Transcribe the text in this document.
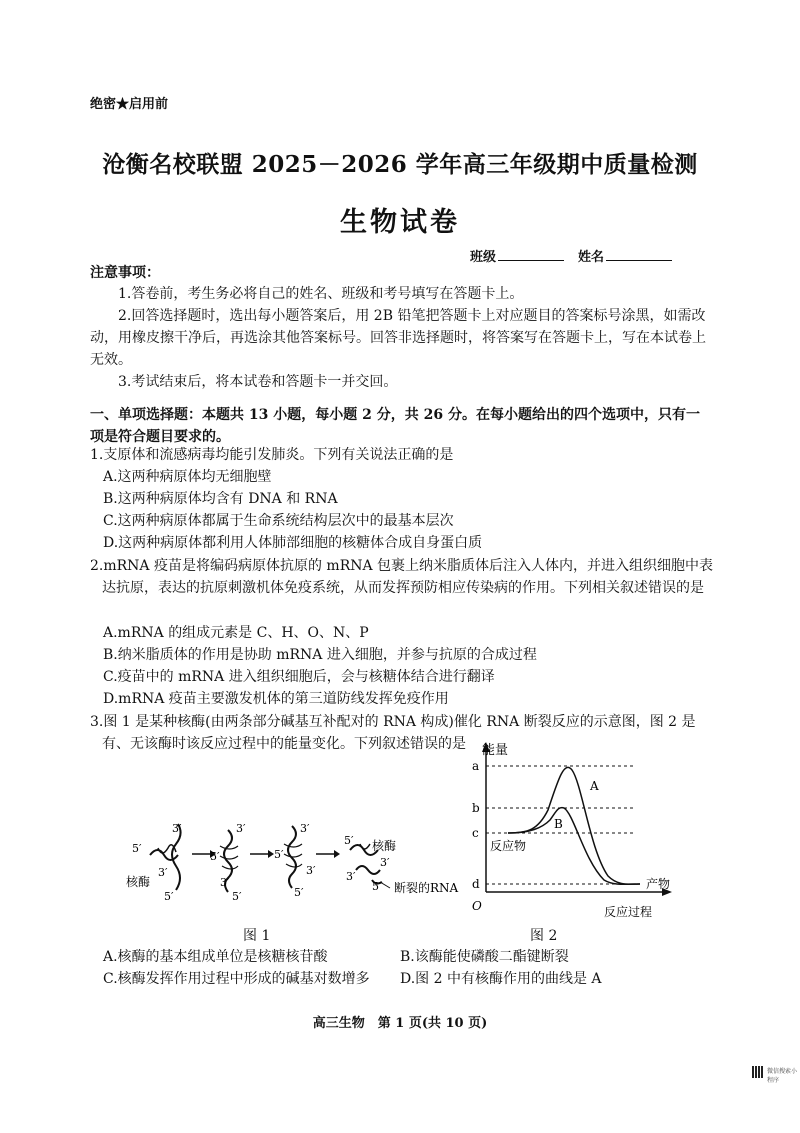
绝密★启用前
沧衡名校联盟 2025－2026 学年高三年级期中质量检测
生物试卷
班级	姓名
注意事项：
1.答卷前，考生务必将自己的姓名、班级和考号填写在答题卡上。
2.回答选择题时，选出每小题答案后，用 2B 铅笔把答题卡上对应题目的答案标号涂黑，如需改动，用橡皮擦干净后，再选涂其他答案标号。回答非选择题时，将答案写在答题卡上，写在本试卷上无效。
3.考试结束后，将本试卷和答题卡一并交回。
一、单项选择题：本题共 13 小题，每小题 2 分，共 26 分。在每小题给出的四个选项中，只有一项是符合题目要求的。
1.支原体和流感病毒均能引发肺炎。下列有关说法正确的是
A.这两种病原体均无细胞壁
B.这两种病原体均含有 DNA 和 RNA
C.这两种病原体都属于生命系统结构层次中的最基本层次
D.这两种病原体都利用人体肺部细胞的核糖体合成自身蛋白质
2.mRNA 疫苗是将编码病原体抗原的 mRNA 包裹上纳米脂质体后注入人体内，并进入组织细胞中表达抗原，表达的抗原刺激机体免疫系统，从而发挥预防相应传染病的作用。下列相关叙述错误的是
A.mRNA 的组成元素是 C、H、O、N、P
B.纳米脂质体的作用是协助 mRNA 进入细胞，并参与抗原的合成过程
C.疫苗中的 mRNA 进入组织细胞后，会与核糖体结合进行翻译
D.mRNA 疫苗主要激发机体的第三道防线发挥免疫作用
3.图 1 是某种核酶(由两条部分碱基互补配对的 RNA 构成)催化 RNA 断裂反应的示意图，图 2 是有、无该酶时该反应过程中的能量变化。下列叙述错误的是
3′
5′
3′
5′
核酶
3′
5′
3′
5′
3′
5′
3′
5′
5′ 核酶
3′
3′
5′ 断裂的RNA
图 1
能量
a
b
c
d
A
B
反应物
产物
O	反应过程
图 2
A.核酶的基本组成单位是核糖核苷酸	B.该酶能使磷酸二酯键断裂
C.核酶发挥作用过程中形成的碱基对数增多 D.图 2 中有核酶作用的曲线是 A
高三生物　第 1 页(共 10 页)
微信搜索小程序
